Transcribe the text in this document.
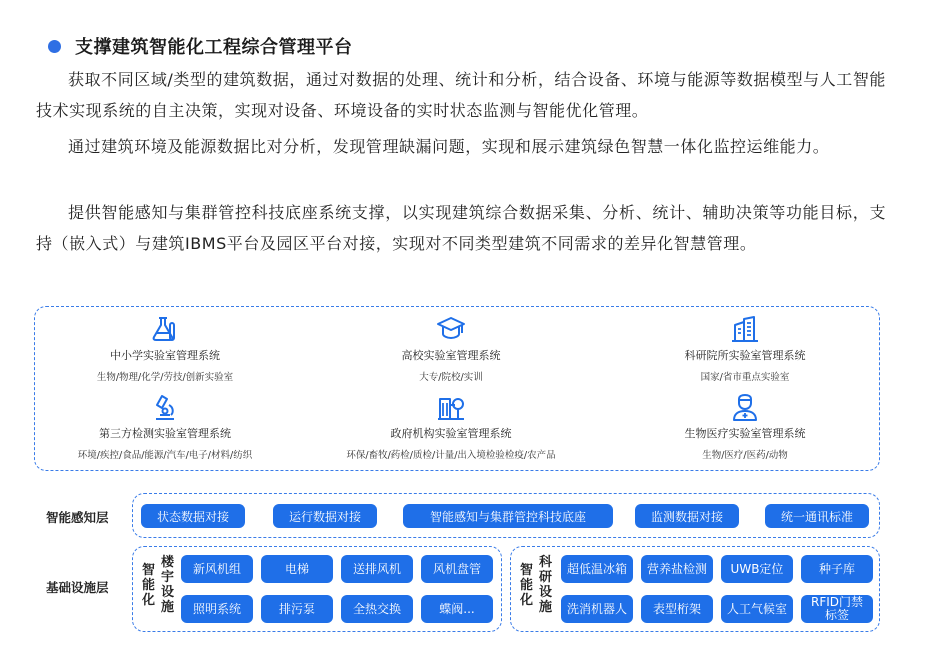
支撑建筑智能化工程综合管理平台

获取不同区域/类型的建筑数据，通过对数据的处理、统计和分析，结合设备、环境与能源等数据模型与人工智能技术实现系统的自主决策，实现对设备、环境设备的实时状态监测与智能优化管理。

通过建筑环境及能源数据比对分析，发现管理缺漏问题，实现和展示建筑绿色智慧一体化监控运维能力。

提供智能感知与集群管控科技底座系统支撑，以实现建筑综合数据采集、分析、统计、辅助决策等功能目标，支持（嵌入式）与建筑IBMS平台及园区平台对接，实现对不同类型建筑不同需求的差异化智慧管理。

中小学实验室管理系统
生物/物理/化学/劳技/创新实验室
高校实验室管理系统
大专/院校/实训
科研院所实验室管理系统
国家/省市重点实验室
第三方检测实验室管理系统
环境/疾控/食品/能源/汽车/电子/材料/纺织
政府机构实验室管理系统
环保/畜牧/药检/质检/计量/出入境检验检疫/农产品
生物医疗实验室管理系统
生物/医疗/医药/动物
智能感知层	状态数据对接	运行数据对接	智能感知与集群管控科技底座	监测数据对接	统一通讯标准
基础设施层
智
能
化
楼
宇
设
施
新风机组	电梯	送排风机	风机盘管
照明系统	排污泵	全热交换	蝶阀...
智
能
化
科
研
设
施
超低温冰箱	营养盐检测	UWB定位	种子库
洗消机器人	表型桁架	人工气候室	RFID门禁
标签
